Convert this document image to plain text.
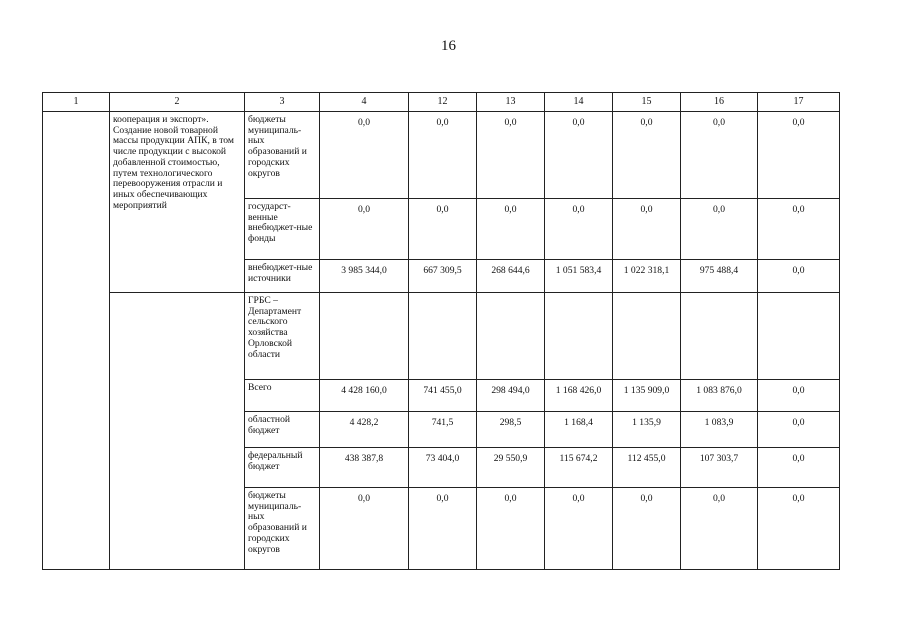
16
1	2	3	4	12	13	14	15	16	17
	кооперация и экспорт». Создание новой товарной массы продукции АПК, в том числе продукции с высокой добавленной стоимостью, путем технологического перевооружения отрасли и иных обеспечивающих мероприятий	бюджеты муниципаль-ных образований и городских округов	0,0	0,0	0,0	0,0	0,0	0,0	0,0
		государст-венные внебюджет-ные фонды	0,0	0,0	0,0	0,0	0,0	0,0	0,0
		внебюджет-ные источники	3 985 344,0	667 309,5	268 644,6	1 051 583,4	1 022 318,1	975 488,4	0,0
		ГРБС – Департамент сельского хозяйства Орловской области							
		Всего	4 428 160,0	741 455,0	298 494,0	1 168 426,0	1 135 909,0	1 083 876,0	0,0
		областной бюджет	4 428,2	741,5	298,5	1 168,4	1 135,9	1 083,9	0,0
		федеральный бюджет	438 387,8	73 404,0	29 550,9	115 674,2	112 455,0	107 303,7	0,0
		бюджеты муниципаль-ных образований и городских округов	0,0	0,0	0,0	0,0	0,0	0,0	0,0
